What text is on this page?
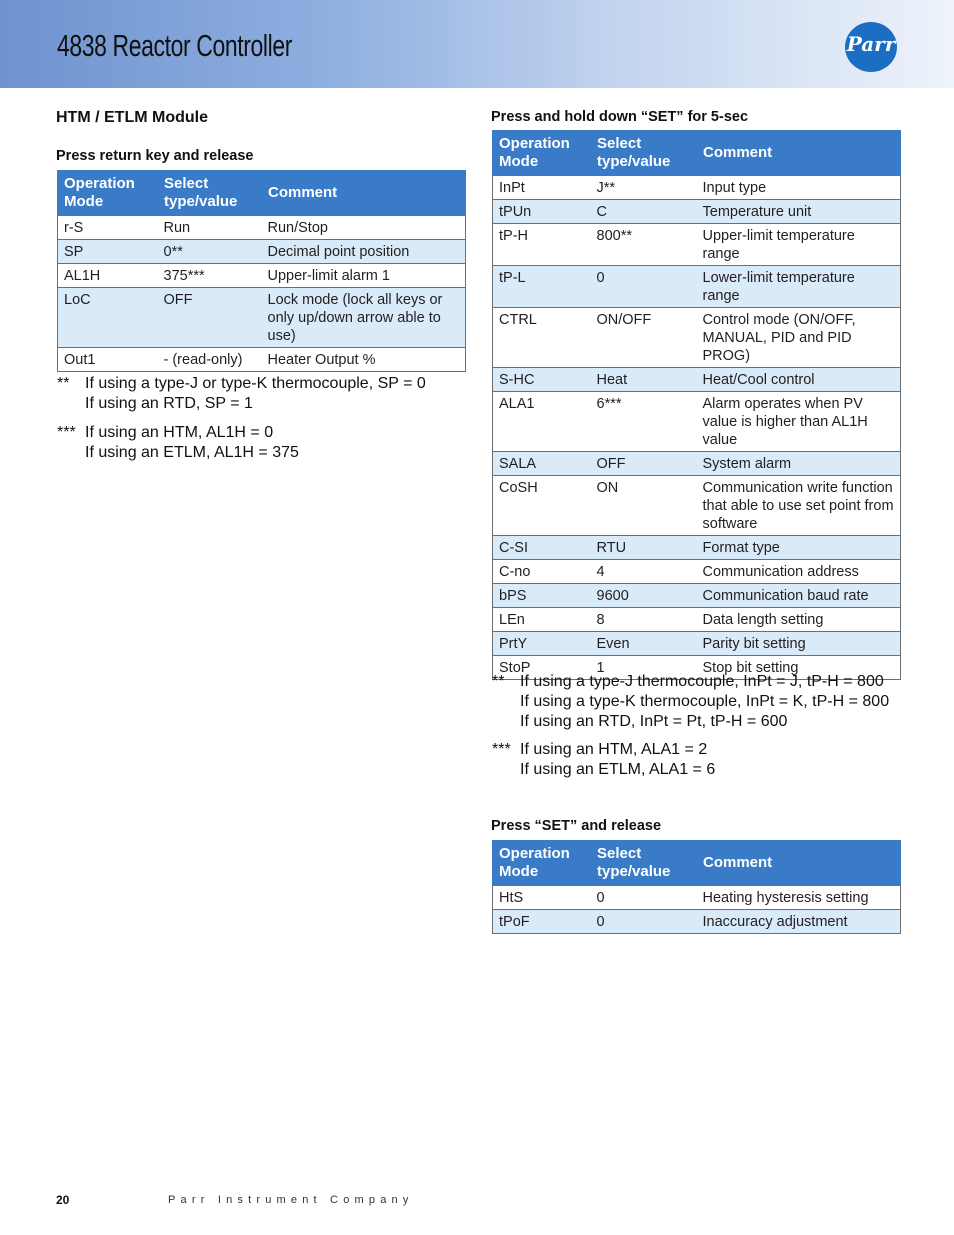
4838 Reactor Controller	Parr
HTM / ETLM Module
Press return key and release
Operation Mode	Select type/value	Comment
r-S	Run	Run/Stop
SP	0**	Decimal point position
AL1H	375***	Upper-limit alarm 1
LoC	OFF	Lock mode (lock all keys or only up/down arrow able to use)
Out1	- (read-only)	Heater Output %
** If using a type-J or type-K thermocouple, SP = 0
If using an RTD, SP = 1
*** If using an HTM, AL1H = 0
If using an ETLM, AL1H = 375
Press and hold down “SET” for 5-sec
Operation Mode	Select type/value	Comment
InPt	J**	Input type
tPUn	C	Temperature unit
tP-H	800**	Upper-limit temperature range
tP-L	0	Lower-limit temperature range
CTRL	ON/OFF	Control mode (ON/OFF, MANUAL, PID and PID PROG)
S-HC	Heat	Heat/Cool control
ALA1	6***	Alarm operates when PV value is higher than AL1H value
SALA	OFF	System alarm
CoSH	ON	Communication write function that able to use set point from software
C-SI	RTU	Format type
C-no	4	Communication address
bPS	9600	Communication baud rate
LEn	8	Data length setting
PrtY	Even	Parity bit setting
StoP	1	Stop bit setting
** If using a type-J thermocouple, InPt = J, tP-H = 800
If using a type-K thermocouple, InPt = K, tP-H = 800
If using an RTD, InPt = Pt, tP-H = 600
*** If using an HTM, ALA1 = 2
If using an ETLM, ALA1 = 6
Press “SET” and release
Operation Mode	Select type/value	Comment
HtS	0	Heating hysteresis setting
tPoF	0	Inaccuracy adjustment
20	Parr Instrument Company
